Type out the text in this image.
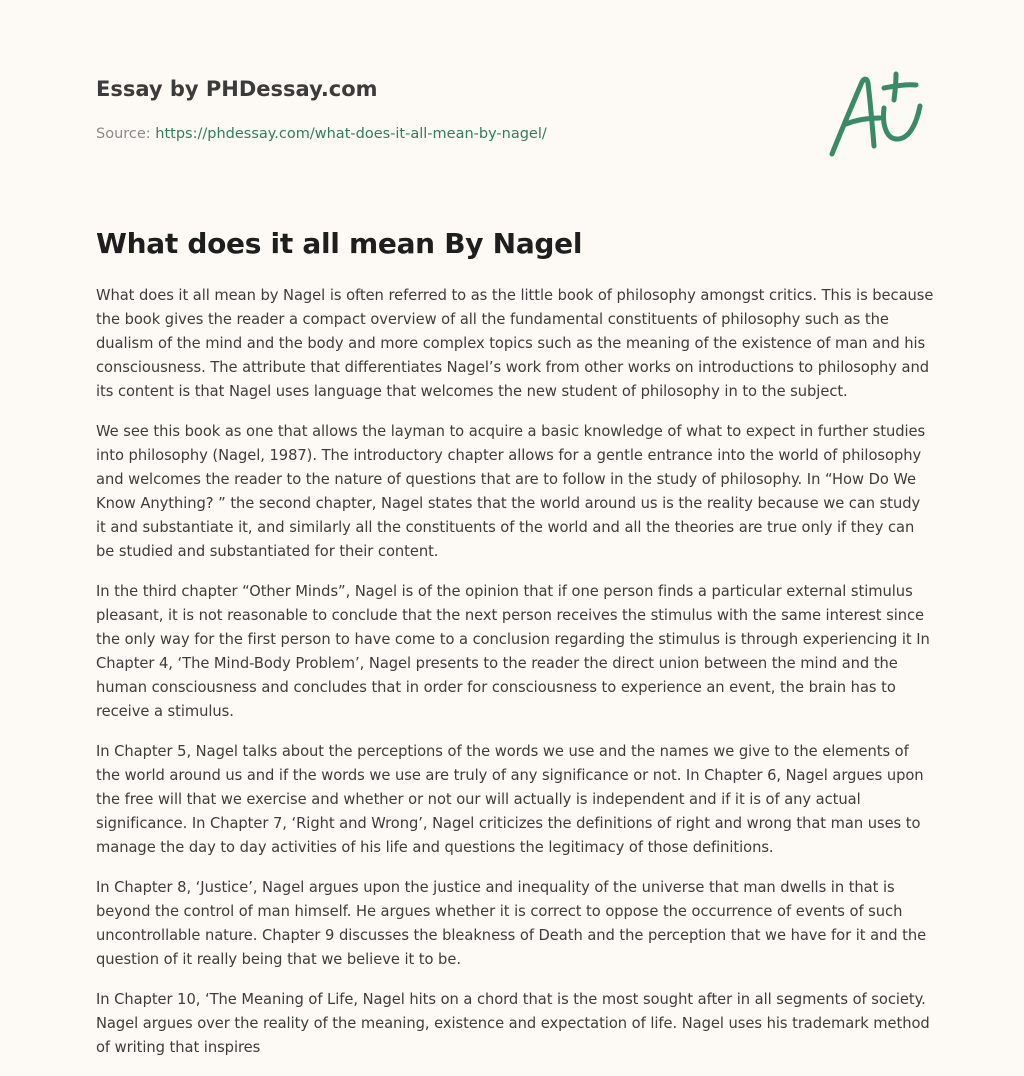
Essay by PHDessay.com
Source: https://phdessay.com/what-does-it-all-mean-by-nagel/
What does it all mean By Nagel

What does it all mean by Nagel is often referred to as the little book of philosophy amongst critics. This is because the book gives the reader a compact overview of all the fundamental constituents of philosophy such as the dualism of the mind and the body and more complex topics such as the meaning of the existence of man and his consciousness. The attribute that differentiates Nagel’s work from other works on introductions to philosophy and its content is that Nagel uses language that welcomes the new student of philosophy in to the subject.

We see this book as one that allows the layman to acquire a basic knowledge of what to expect in further studies into philosophy (Nagel, 1987). The introductory chapter allows for a gentle entrance into the world of philosophy and welcomes the reader to the nature of questions that are to follow in the study of philosophy. In “How Do We Know Anything? ” the second chapter, Nagel states that the world around us is the reality because we can study it and substantiate it, and similarly all the constituents of the world and all the theories are true only if they can be studied and substantiated for their content.

In the third chapter “Other Minds”, Nagel is of the opinion that if one person finds a particular external stimulus pleasant, it is not reasonable to conclude that the next person receives the stimulus with the same interest since the only way for the first person to have come to a conclusion regarding the stimulus is through experiencing it In Chapter 4, ‘The Mind-Body Problem’, Nagel presents to the reader the direct union between the mind and the human consciousness and concludes that in order for consciousness to experience an event, the brain has to receive a stimulus.

In Chapter 5, Nagel talks about the perceptions of the words we use and the names we give to the elements of the world around us and if the words we use are truly of any significance or not. In Chapter 6, Nagel argues upon the free will that we exercise and whether or not our will actually is independent and if it is of any actual significance. In Chapter 7, ‘Right and Wrong’, Nagel criticizes the definitions of right and wrong that man uses to manage the day to day activities of his life and questions the legitimacy of those definitions.

In Chapter 8, ‘Justice’, Nagel argues upon the justice and inequality of the universe that man dwells in that is beyond the control of man himself. He argues whether it is correct to oppose the occurrence of events of such uncontrollable nature. Chapter 9 discusses the bleakness of Death and the perception that we have for it and the question of it really being that we believe it to be.

In Chapter 10, ‘The Meaning of Life, Nagel hits on a chord that is the most sought after in all segments of society. Nagel argues over the reality of the meaning, existence and expectation of life. Nagel uses his trademark method of writing that inspires
